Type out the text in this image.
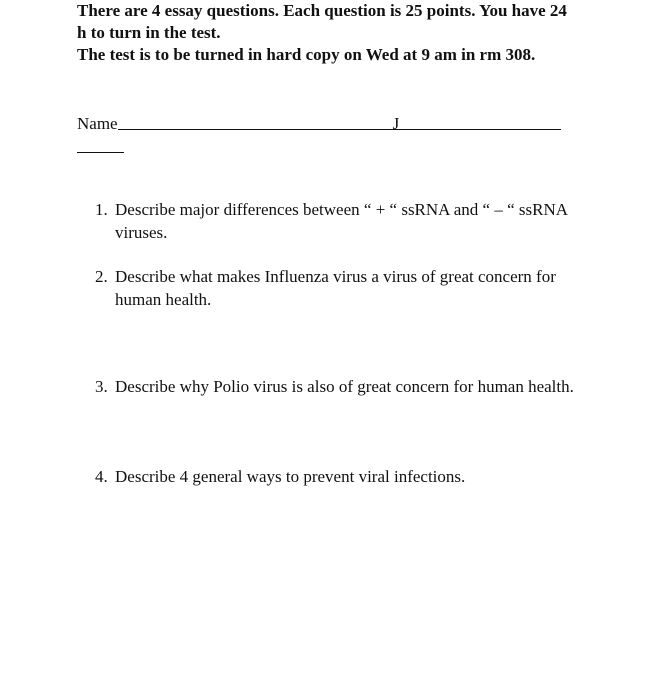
There are 4 essay questions. Each question is 25 points. You have 24 h to turn in the test.

The test is to be turned in hard copy on Wed at 9 am in rm 308.

Name	J
1. Describe major differences between “ + “ ssRNA and “ – “ ssRNA viruses.
2. Describe what makes Influenza virus a virus of great concern for human health.
3. Describe why Polio virus is also of great concern for human health.
4. Describe 4 general ways to prevent viral infections.
